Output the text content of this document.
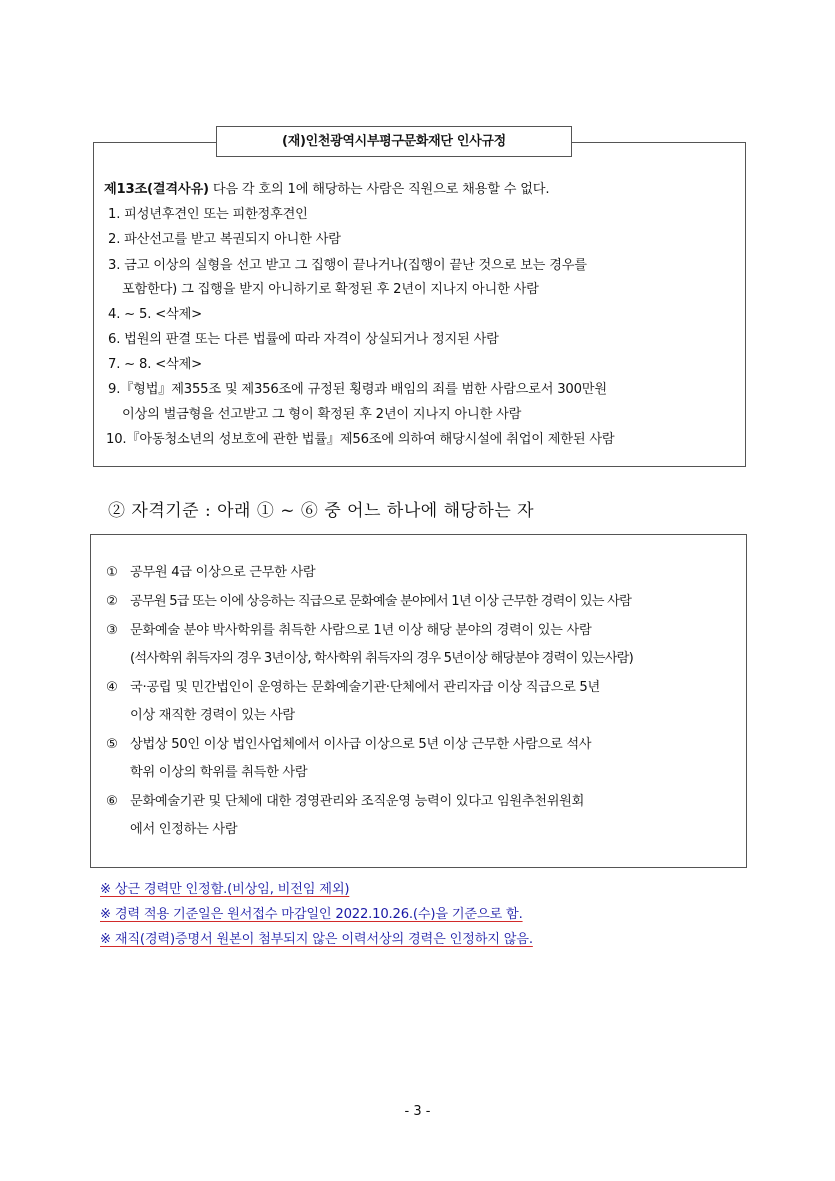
(재)인천광역시부평구문화재단 인사규정
제13조(결격사유) 다음 각 호의 1에 해당하는 사람은 직원으로 채용할 수 없다.
1. 피성년후견인 또는 피한정후견인
2. 파산선고를 받고 복권되지 아니한 사람
3. 금고 이상의 실형을 선고 받고 그 집행이 끝나거나(집행이 끝난 것으로 보는 경우를
포함한다) 그 집행을 받지 아니하기로 확정된 후 2년이 지나지 아니한 사람
4. ~ 5. <삭제>
6. 법원의 판결 또는 다른 법률에 따라 자격이 상실되거나 정지된 사람
7. ~ 8. <삭제>
9.『형법』제355조 및 제356조에 규정된 횡령과 배임의 죄를 범한 사람으로서 300만원
이상의 벌금형을 선고받고 그 형이 확정된 후 2년이 지나지 아니한 사람
10.『아동청소년의 성보호에 관한 법률』제56조에 의하여 해당시설에 취업이 제한된 사람
② 자격기준 : 아래 ① ~ ⑥ 중 어느 하나에 해당하는 자
① 공무원 4급 이상으로 근무한 사람
② 공무원 5급 또는 이에 상응하는 직급으로 문화예술 분야에서 1년 이상 근무한 경력이 있는 사람
③ 문화예술 분야 박사학위를 취득한 사람으로 1년 이상 해당 분야의 경력이 있는 사람
(석사학위 취득자의 경우 3년이상, 학사학위 취득자의 경우 5년이상 해당분야 경력이 있는사람)
④ 국·공립 및 민간법인이 운영하는 문화예술기관·단체에서 관리자급 이상 직급으로 5년
이상 재직한 경력이 있는 사람
⑤ 상법상 50인 이상 법인사업체에서 이사급 이상으로 5년 이상 근무한 사람으로 석사
학위 이상의 학위를 취득한 사람
⑥ 문화예술기관 및 단체에 대한 경영관리와 조직운영 능력이 있다고 임원추천위원회
에서 인정하는 사람
※ 상근 경력만 인정함.(비상임, 비전임 제외)
※ 경력 적용 기준일은 원서접수 마감일인 2022.10.26.(수)을 기준으로 함.
※ 재직(경력)증명서 원본이 첨부되지 않은 이력서상의 경력은 인정하지 않음.
- 3 -
